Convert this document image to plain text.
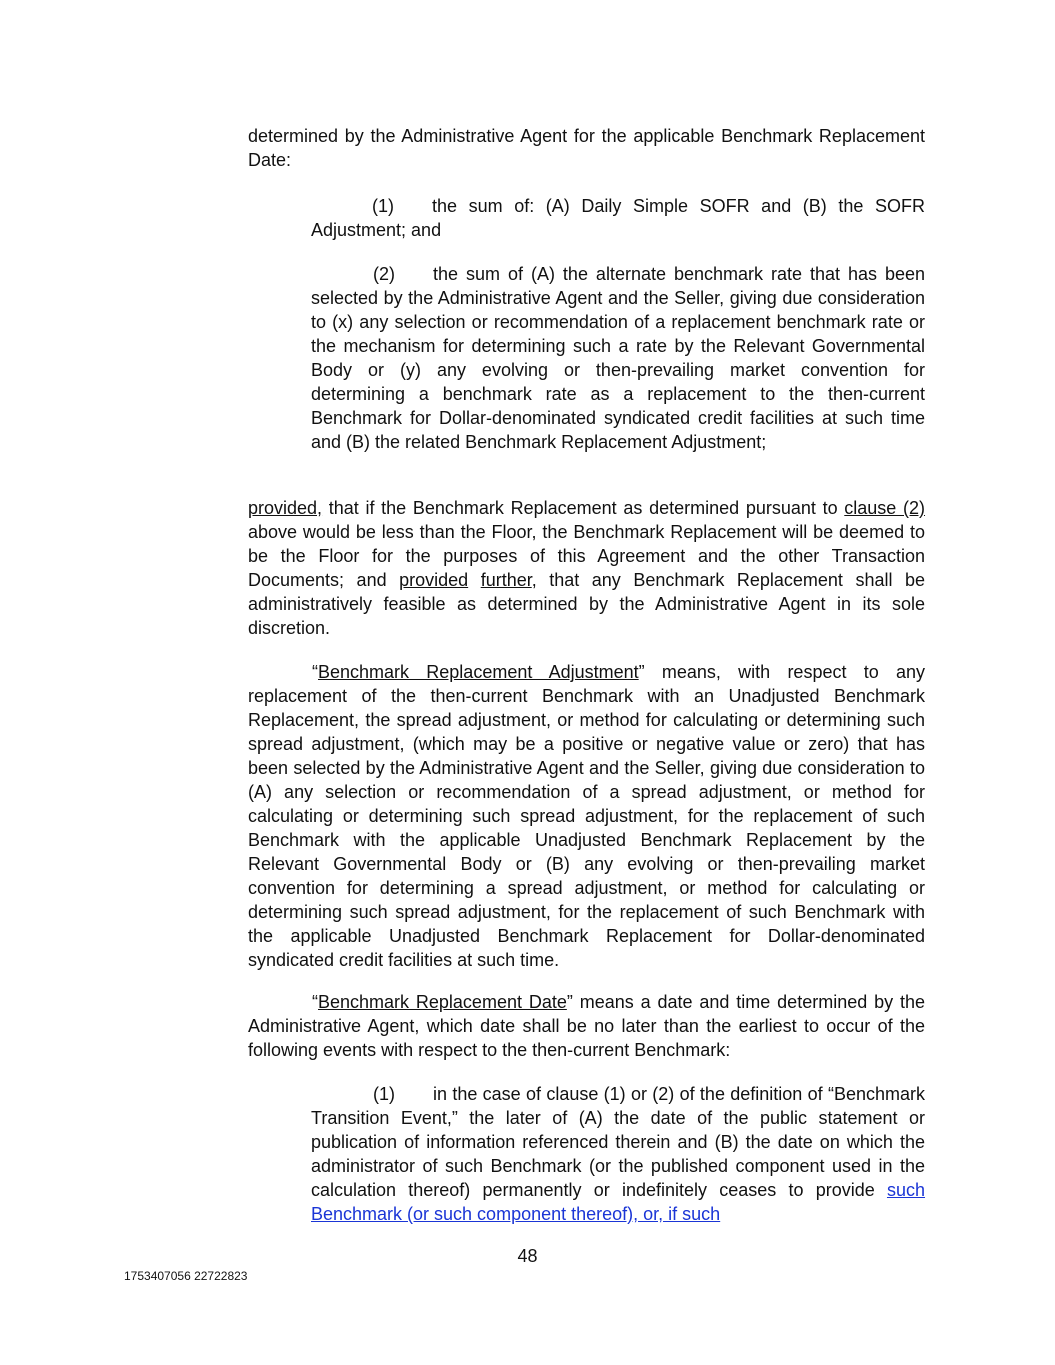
determined by the Administrative Agent for the applicable Benchmark Replacement Date:

(1) the sum of: (A) Daily Simple SOFR and (B) the SOFR Adjustment; and

(2) the sum of (A) the alternate benchmark rate that has been selected by the Administrative Agent and the Seller, giving due consideration to (x) any selection or recommendation of a replacement benchmark rate or the mechanism for determining such a rate by the Relevant Governmental Body or (y) any evolving or then-prevailing market convention for determining a benchmark rate as a replacement to the then-current Benchmark for Dollar-denominated syndicated credit facilities at such time and (B) the related Benchmark Replacement Adjustment;

provided, that if the Benchmark Replacement as determined pursuant to clause (2) above would be less than the Floor, the Benchmark Replacement will be deemed to be the Floor for the purposes of this Agreement and the other Transaction Documents; and provided further, that any Benchmark Replacement shall be administratively feasible as determined by the Administrative Agent in its sole discretion.

“Benchmark Replacement Adjustment” means, with respect to any replacement of the then-current Benchmark with an Unadjusted Benchmark Replacement, the spread adjustment, or method for calculating or determining such spread adjustment, (which may be a positive or negative value or zero) that has been selected by the Administrative Agent and the Seller, giving due consideration to (A) any selection or recommendation of a spread adjustment, or method for calculating or determining such spread adjustment, for the replacement of such Benchmark with the applicable Unadjusted Benchmark Replacement by the Relevant Governmental Body or (B) any evolving or then-prevailing market convention for determining a spread adjustment, or method for calculating or determining such spread adjustment, for the replacement of such Benchmark with the applicable Unadjusted Benchmark Replacement for Dollar-denominated syndicated credit facilities at such time.

“Benchmark Replacement Date” means a date and time determined by the Administrative Agent, which date shall be no later than the earliest to occur of the following events with respect to the then-current Benchmark:

(1) in the case of clause (1) or (2) of the definition of “Benchmark Transition Event,” the later of (A) the date of the public statement or publication of information referenced therein and (B) the date on which the administrator of such Benchmark (or the published component used in the calculation thereof) permanently or indefinitely ceases to provide such Benchmark (or such component thereof), or, if such

48
1753407056 22722823
